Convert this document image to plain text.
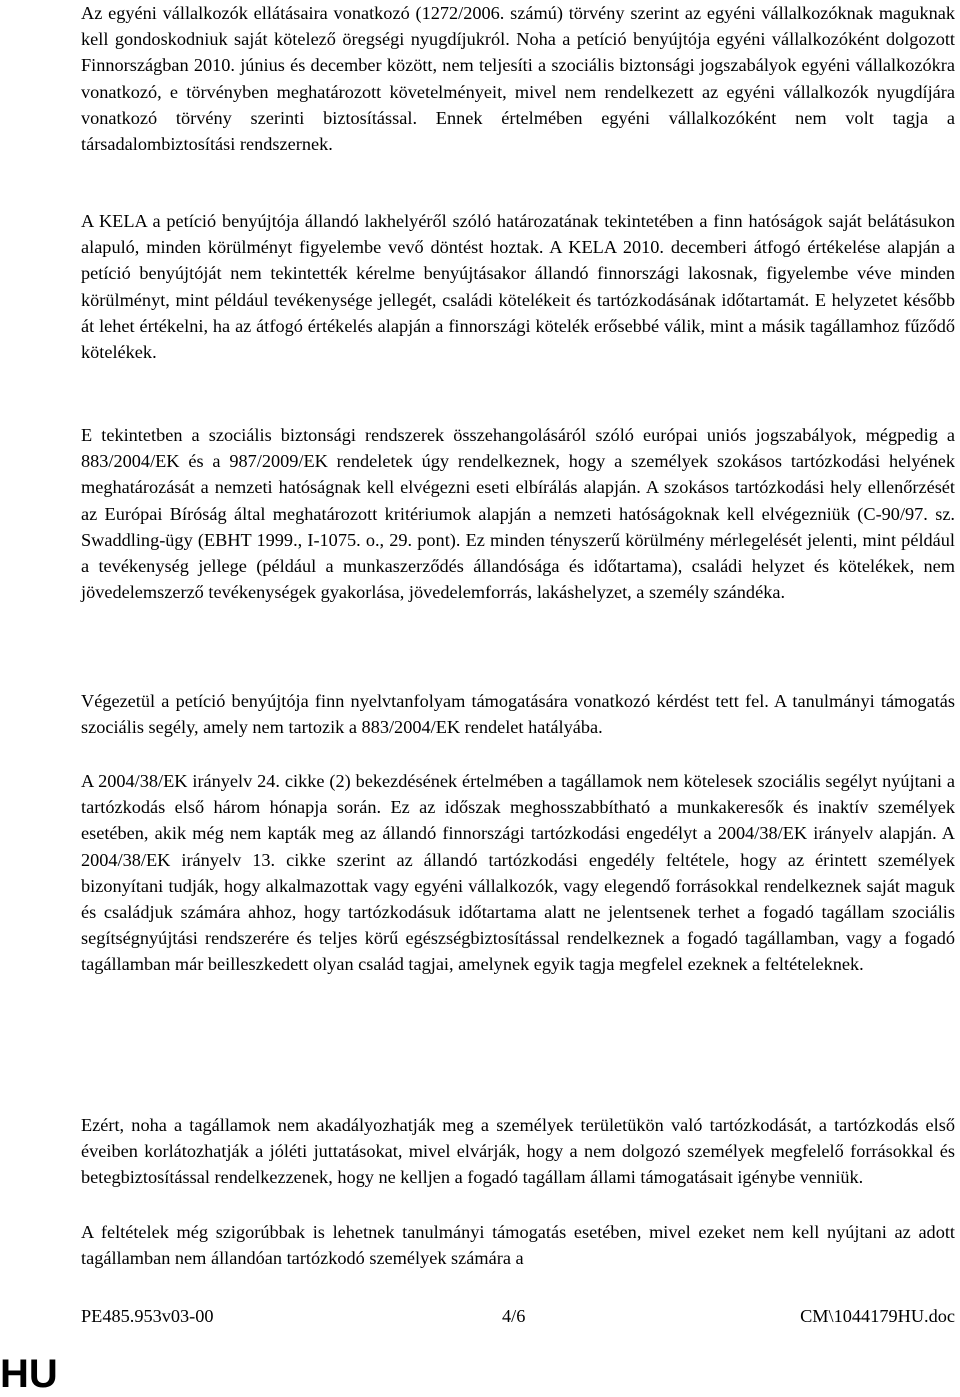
Az egyéni vállalkozók ellátásaira vonatkozó (1272/2006. számú) törvény szerint az egyéni vállalkozóknak maguknak kell gondoskodniuk saját kötelező öregségi nyugdíjukról. Noha a petíció benyújtója egyéni vállalkozóként dolgozott Finnországban 2010. június és december között, nem teljesíti a szociális biztonsági jogszabályok egyéni vállalkozókra vonatkozó, e törvényben meghatározott követelményeit, mivel nem rendelkezett az egyéni vállalkozók nyugdíjára vonatkozó törvény szerinti biztosítással. Ennek értelmében egyéni vállalkozóként nem volt tagja a társadalombiztosítási rendszernek.

A KELA a petíció benyújtója állandó lakhelyéről szóló határozatának tekintetében a finn hatóságok saját belátásukon alapuló, minden körülményt figyelembe vevő döntést hoztak. A KELA 2010. decemberi átfogó értékelése alapján a petíció benyújtóját nem tekintették kérelme benyújtásakor állandó finnországi lakosnak, figyelembe véve minden körülményt, mint például tevékenysége jellegét, családi kötelékeit és tartózkodásának időtartamát. E helyzetet később át lehet értékelni, ha az átfogó értékelés alapján a finnországi kötelék erősebbé válik, mint a másik tagállamhoz fűződő kötelékek.

E tekintetben a szociális biztonsági rendszerek összehangolásáról szóló európai uniós jogszabályok, mégpedig a 883/2004/EK és a 987/2009/EK rendeletek úgy rendelkeznek, hogy a személyek szokásos tartózkodási helyének meghatározását a nemzeti hatóságnak kell elvégezni eseti elbírálás alapján. A szokásos tartózkodási hely ellenőrzését az Európai Bíróság által meghatározott kritériumok alapján a nemzeti hatóságoknak kell elvégezniük (C-90/97. sz. Swaddling-ügy (EBHT 1999., I-1075. o., 29. pont). Ez minden tényszerű körülmény mérlegelését jelenti, mint például a tevékenység jellege (például a munkaszerződés állandósága és időtartama), családi helyzet és kötelékek, nem jövedelemszerző tevékenységek gyakorlása, jövedelemforrás, lakáshelyzet, a személy szándéka.

Végezetül a petíció benyújtója finn nyelvtanfolyam támogatására vonatkozó kérdést tett fel. A tanulmányi támogatás szociális segély, amely nem tartozik a 883/2004/EK rendelet hatályába.

A 2004/38/EK irányelv 24. cikke (2) bekezdésének értelmében a tagállamok nem kötelesek szociális segélyt nyújtani a tartózkodás első három hónapja során. Ez az időszak meghosszabbítható a munkakeresők és inaktív személyek esetében, akik még nem kapták meg az állandó finnországi tartózkodási engedélyt a 2004/38/EK irányelv alapján. A 2004/38/EK irányelv 13. cikke szerint az állandó tartózkodási engedély feltétele, hogy az érintett személyek bizonyítani tudják, hogy alkalmazottak vagy egyéni vállalkozók, vagy elegendő forrásokkal rendelkeznek saját maguk és családjuk számára ahhoz, hogy tartózkodásuk időtartama alatt ne jelentsenek terhet a fogadó tagállam szociális segítségnyújtási rendszerére és teljes körű egészségbiztosítással rendelkeznek a fogadó tagállamban, vagy a fogadó tagállamban már beilleszkedett olyan család tagjai, amelynek egyik tagja megfelel ezeknek a feltételeknek.

Ezért, noha a tagállamok nem akadályozhatják meg a személyek területükön való tartózkodását, a tartózkodás első éveiben korlátozhatják a jóléti juttatásokat, mivel elvárják, hogy a nem dolgozó személyek megfelelő forrásokkal és betegbiztosítással rendelkezzenek, hogy ne kelljen a fogadó tagállam állami támogatásait igénybe venniük.

A feltételek még szigorúbbak is lehetnek tanulmányi támogatás esetében, mivel ezeket nem kell nyújtani az adott tagállamban nem állandóan tartózkodó személyek számára a

PE485.953v03-00	4/6	CM\1044179HU.doc
HU
